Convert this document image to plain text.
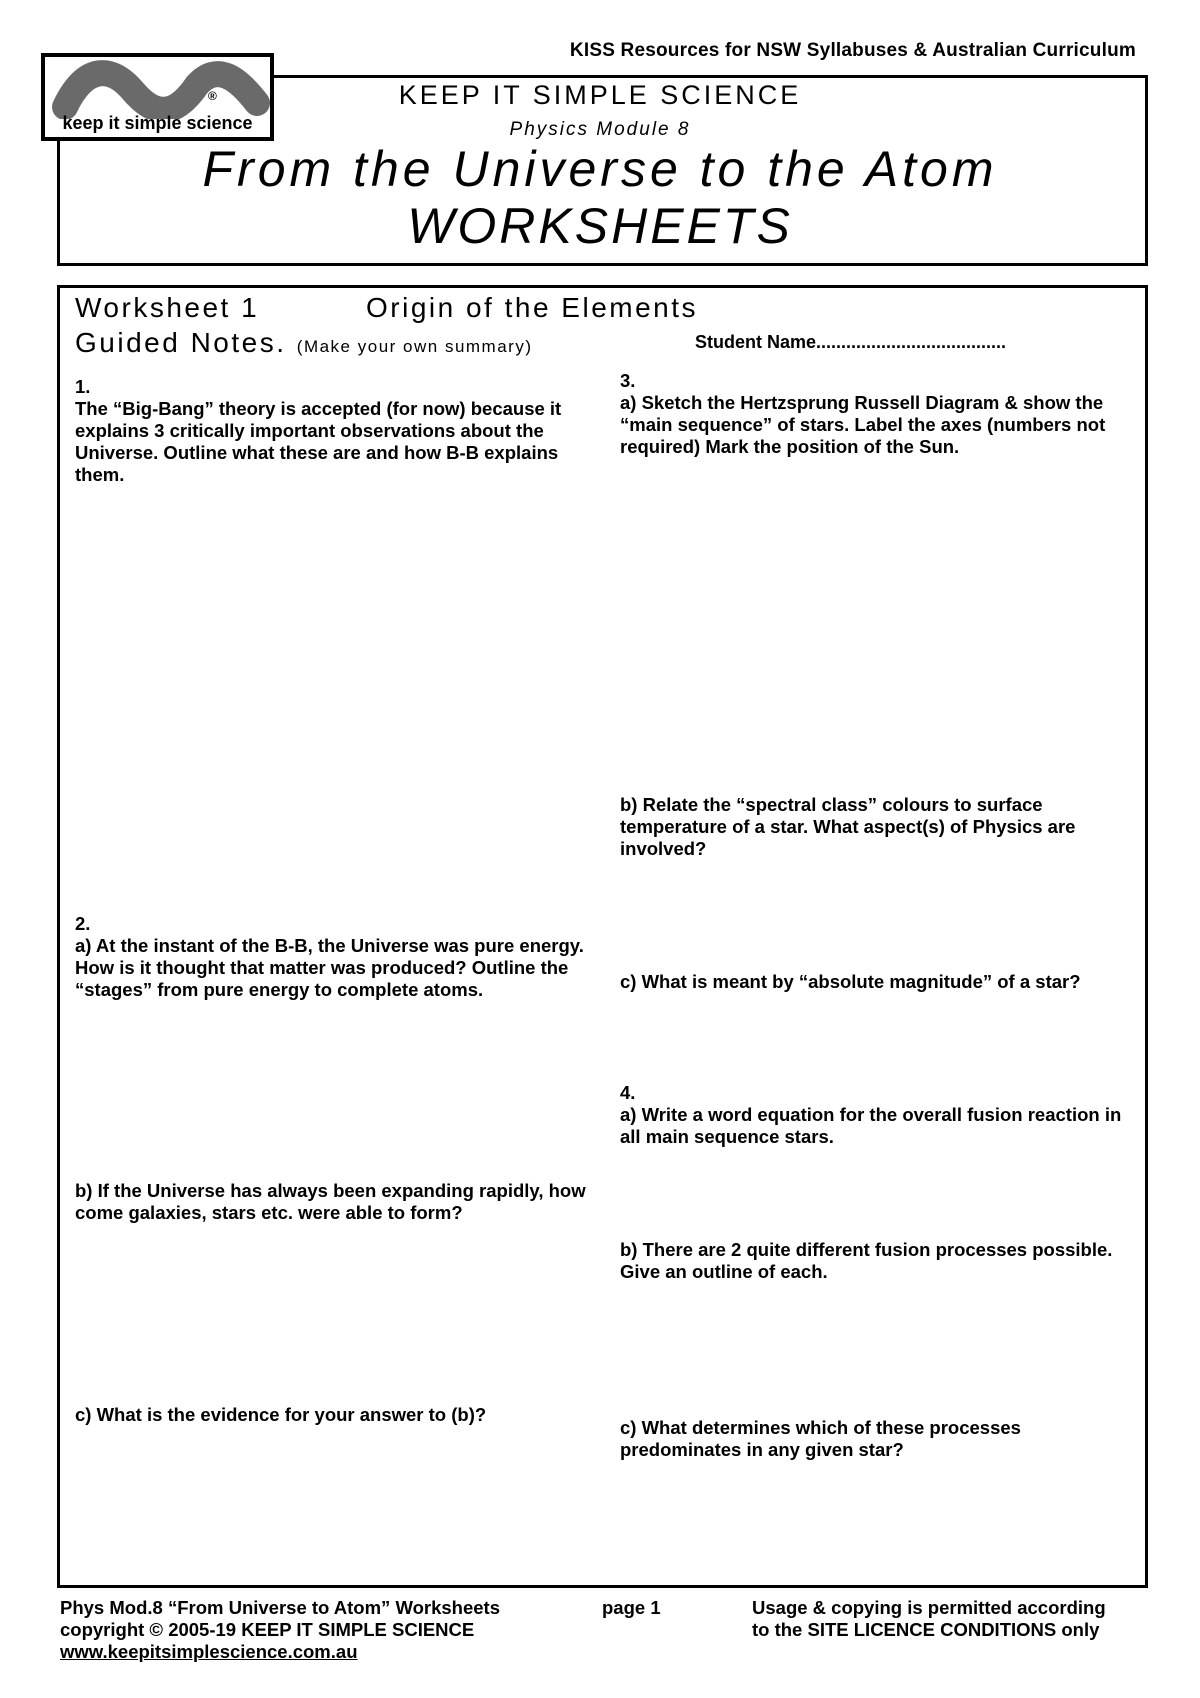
KISS Resources for NSW Syllabuses & Australian Curriculum
®
keep it simple science
KEEP IT SIMPLE SCIENCE
Physics Module 8
From the Universe to the Atom
WORKSHEETS
Worksheet 1	Origin of the Elements
Guided Notes. (Make your own summary)	Student Name......................................
1.
The “Big-Bang” theory is accepted (for now) because it explains 3 critically important observations about the Universe. Outline what these are and how B-B explains them.
2.
a) At the instant of the B-B, the Universe was pure energy. How is it thought that matter was produced? Outline the “stages” from pure energy to complete atoms.
b) If the Universe has always been expanding rapidly, how come galaxies, stars etc. were able to form?
c) What is the evidence for your answer to (b)?
3.
a) Sketch the Hertzsprung Russell Diagram & show the “main sequence” of stars. Label the axes (numbers not required) Mark the position of the Sun.
b) Relate the “spectral class” colours to surface temperature of a star. What aspect(s) of Physics are involved?
c) What is meant by “absolute magnitude” of a star?
4.
a) Write a word equation for the overall fusion reaction in all main sequence stars.
b) There are 2 quite different fusion processes possible. Give an outline of each.
c) What determines which of these processes predominates in any given star?
Phys Mod.8 “From Universe to Atom” Worksheets
copyright © 2005-19 KEEP IT SIMPLE SCIENCE
www.keepitsimplescience.com.au
page 1	Usage & copying is permitted according
to the SITE LICENCE CONDITIONS only
